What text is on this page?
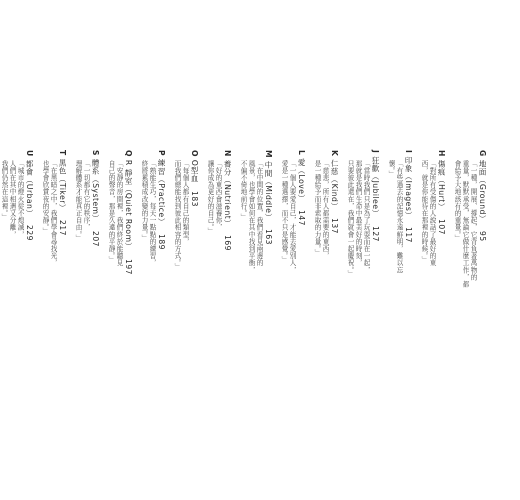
G 地面（Ground） 95
「一種，開展、撐起，它背負著萬物的
重量，默默承受，無論它做什麼工作，都
會給予大地該有的重量。」
H 傷痕（Hurt） 107
「對所有受傷的人說話了最好的東
西，就是你能待在那裡的時候。」
I 印象（Images） 117
「有些過去的記憶永遠鮮明，難以忘
懷。」
J 狂歡（Jubilee） 127
「當時我們只是為了玩耍而在一起，
那就是我們生命中最美好的時刻，
只要彼此還在，我們就會一起慶祝。」
K 仁慈（Kind） 137
「慈悲，所有人都需要的東西，
是一種給予而非索取的力量。」
L 愛（Love） 147
「一個人要愛自己，才能去愛別人，
愛是一種選擇，而不只是感覺。」
M 中間（Middle） 163
「在中間的位置，我們看見兩邊的
風景，也學會如何在其中找到平衡，
不偏不倚地前行。」
N 養分（Nutrient） 169
「好的東西會滋養你，
讓你成為更好的自己。」
O O型血 183
「每個人都有自己的類型，
而我們總能找到彼此相容的方式。」
P 練習（Practice） 189
「熟能生巧，每天一點點的練習，
終將累積成改變的力量。」
Q R 靜室（Quiet Room） 197
「安靜的房間裡，我們終於能聽見
自己的聲音，那是久違的平靜。」
S 體系（System） 207
「一切都有它的秩序，
理解體系才能真正自由。」
T 黑色（Tiker） 217
「在黑暗之中，我們學會尋找光，
也學會欣賞夜的安靜。」
U 都會（Urban） 229
「城市的燈火從不熄滅，
人們在其中相遇又分離，
我們仍然在這裡。」
